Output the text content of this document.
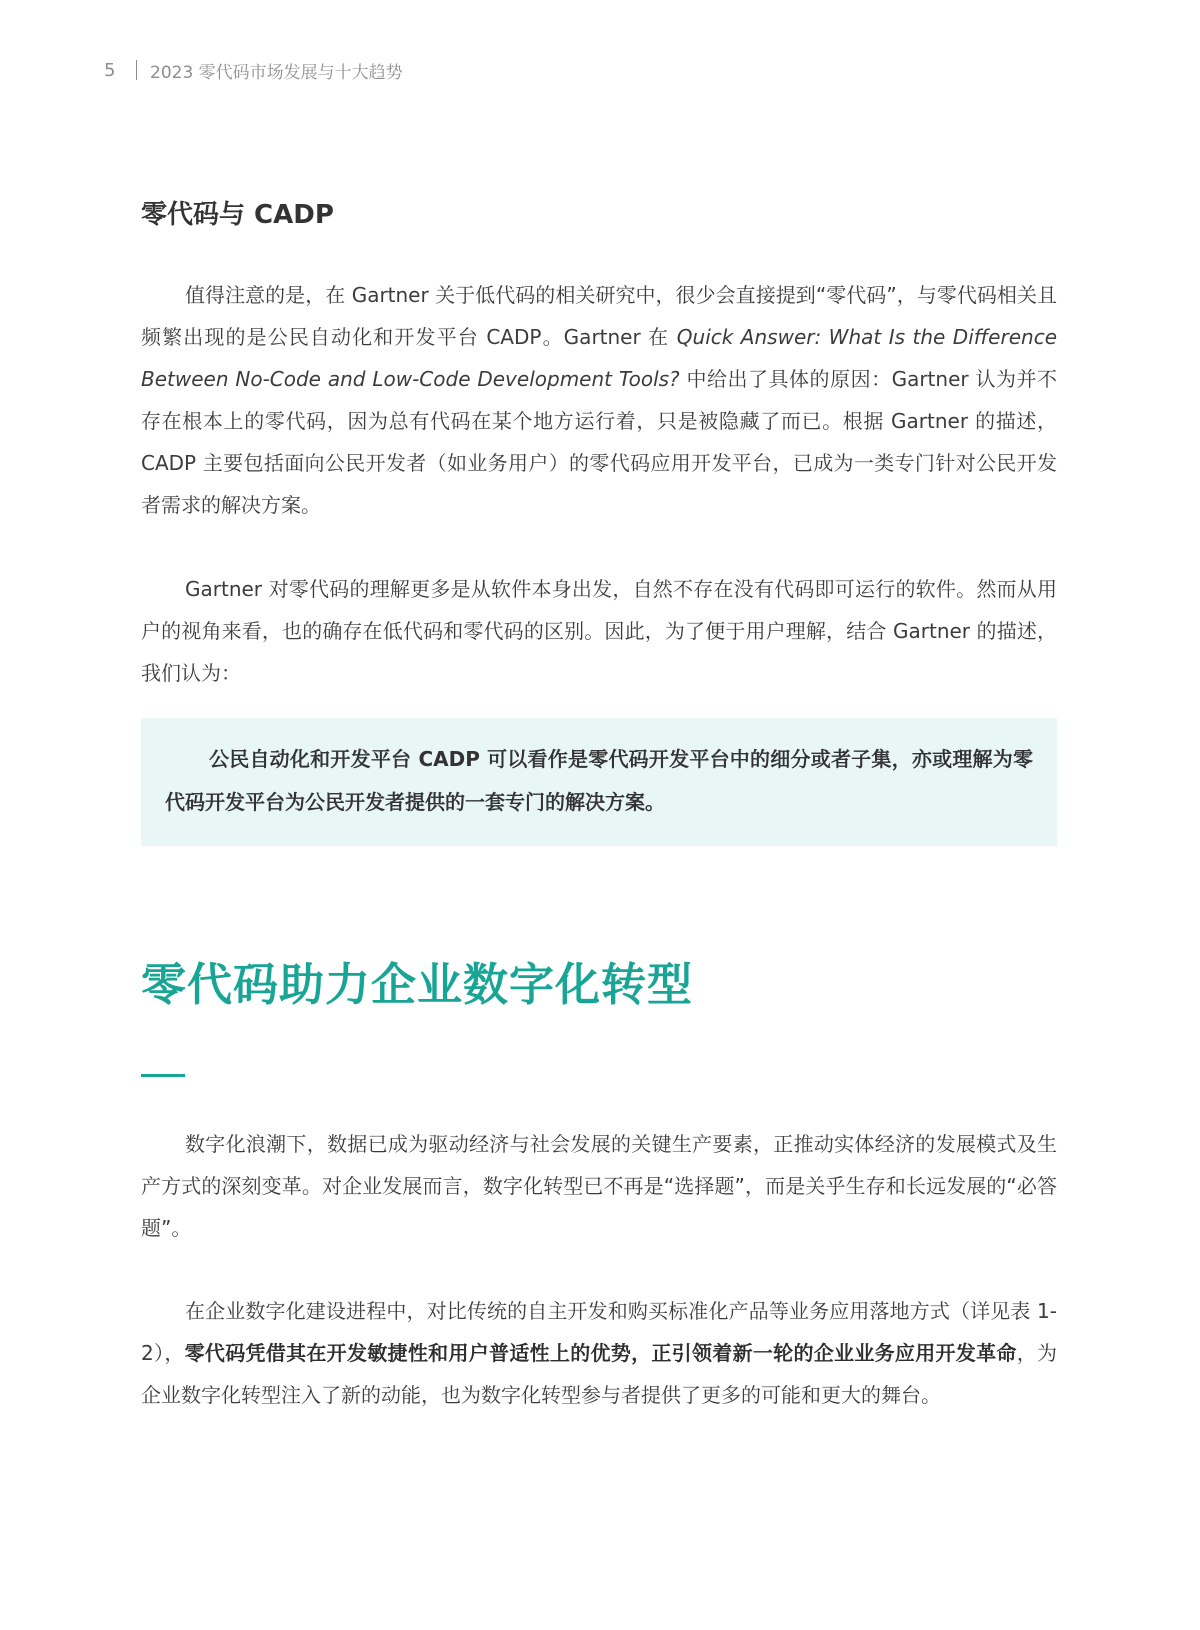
5	2023 零代码市场发展与十大趋势
零代码与 CADP

值得注意的是，在 Gartner 关于低代码的相关研究中，很少会直接提到“零代码”，与零代码相关且频繁出现的是公民自动化和开发平台 CADP。Gartner 在 Quick Answer: What Is the Difference Between No-Code and Low-Code Development Tools? 中给出了具体的原因：Gartner 认为并不存在根本上的零代码，因为总有代码在某个地方运行着，只是被隐藏了而已。根据 Gartner 的描述，CADP 主要包括面向公民开发者（如业务用户）的零代码应用开发平台，已成为一类专门针对公民开发者需求的解决方案。

Gartner 对零代码的理解更多是从软件本身出发，自然不存在没有代码即可运行的软件。然而从用户的视角来看，也的确存在低代码和零代码的区别。因此，为了便于用户理解，结合 Gartner 的描述，我们认为：

公民自动化和开发平台 CADP 可以看作是零代码开发平台中的细分或者子集，亦或理解为零代码开发平台为公民开发者提供的一套专门的解决方案。

零代码助力企业数字化转型

数字化浪潮下，数据已成为驱动经济与社会发展的关键生产要素，正推动实体经济的发展模式及生产方式的深刻变革。对企业发展而言，数字化转型已不再是“选择题”，而是关乎生存和长远发展的“必答题”。

在企业数字化建设进程中，对比传统的自主开发和购买标准化产品等业务应用落地方式（详见表 1-2），零代码凭借其在开发敏捷性和用户普适性上的优势，正引领着新一轮的企业业务应用开发革命，为企业数字化转型注入了新的动能，也为数字化转型参与者提供了更多的可能和更大的舞台。
